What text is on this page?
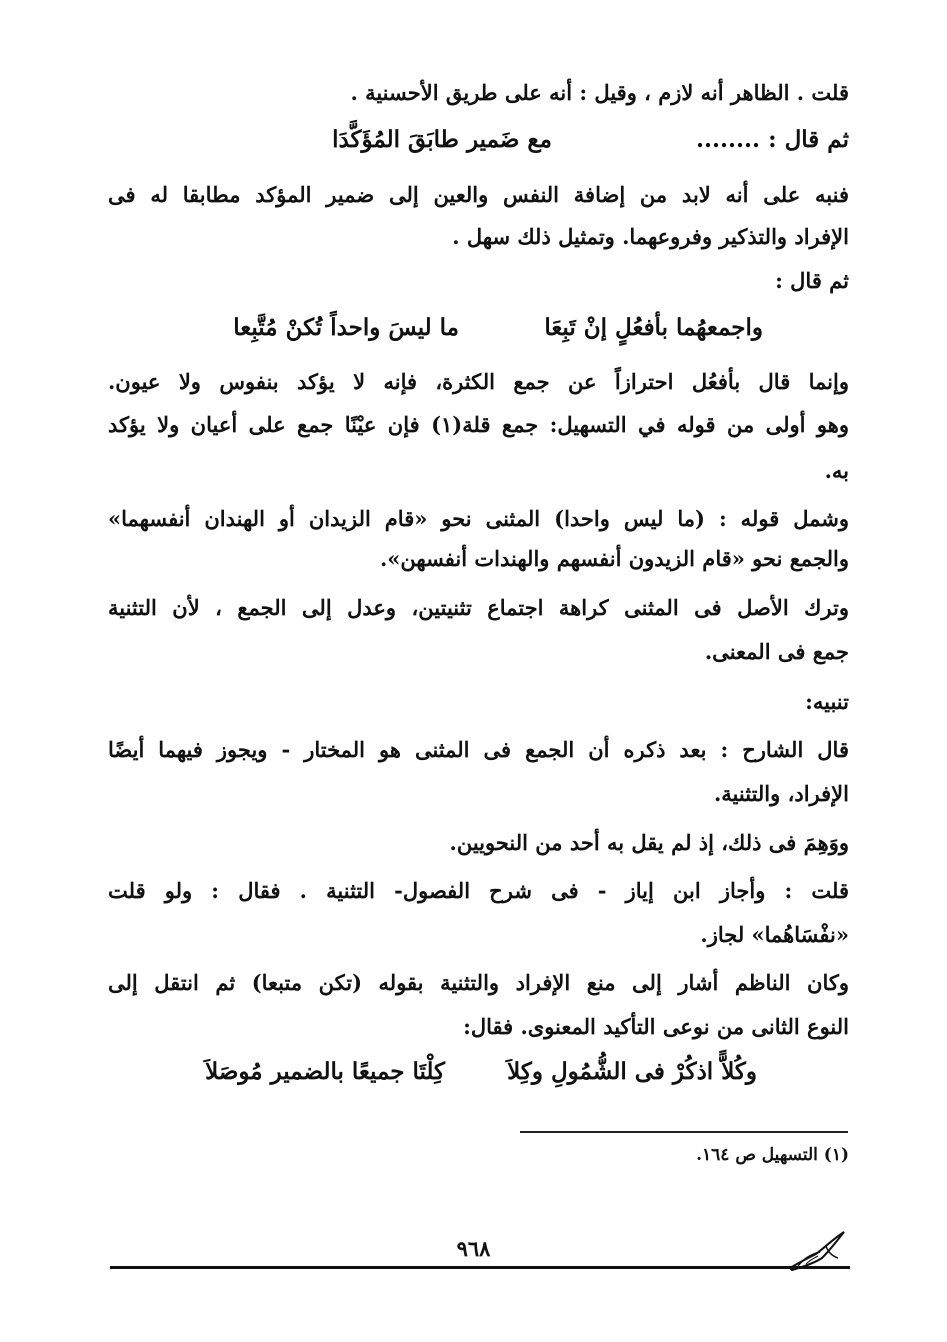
قلت . الظاهر أنه لازم ، وقيل : أنه على طريق الأحسنية .
ثم قال : ........
مع ضَمير طابَقَ المُؤَكَّدَا
فنبه على أنه لابد من إضافة النفس والعين إلى ضمير المؤكد مطابقا له فى
الإفراد والتذكير وفروعهما. وتمثيل ذلك سهل .
ثم قال :
واجمعهُما بأفعُلٍ إنْ تَبِعَا
ما ليسَ واحداً تُكنْ مُتَّبِعا
وإنما قال بأفعُل احترازاً عن جمع الكثرة، فإنه لا يؤكد بنفوس ولا عيون.
وهو أولى من قوله في التسهيل: جمع قلة(١) فإن عيْنًا جمع على أعيان ولا يؤكد
به.
وشمل قوله : (ما ليس واحدا) المثنى نحو «قام الزيدان أو الهندان أنفسهما»
والجمع نحو «قام الزيدون أنفسهم والهندات أنفسهن».
وترك الأصل فى المثنى كراهة اجتماع تثنيتين، وعدل إلى الجمع ، لأن التثنية
جمع فى المعنى.
تنبيه:
قال الشارح : بعد ذكره أن الجمع فى المثنى هو المختار - ويجوز فيهما أيضًا
الإفراد، والتثنية.
ووَهِمَ فى ذلك، إذ لم يقل به أحد من النحويين.
قلت : وأجاز ابن إياز - فى شرح الفصول- التثنية . فقال : ولو قلت
«نفْسَاهُما» لجاز.
وكان الناظم أشار إلى منع الإفراد والتثنية بقوله (تكن متبعا) ثم انتقل إلى
النوع الثانى من نوعى التأكيد المعنوى. فقال:
وكُلاًّ اذكُرْ فى الشُّمُولِ وكِلاَ
كِلْتَا جميعًا بالضمير مُوصَلاَ
(١) التسهيل ص ١٦٤.
٩٦٨
